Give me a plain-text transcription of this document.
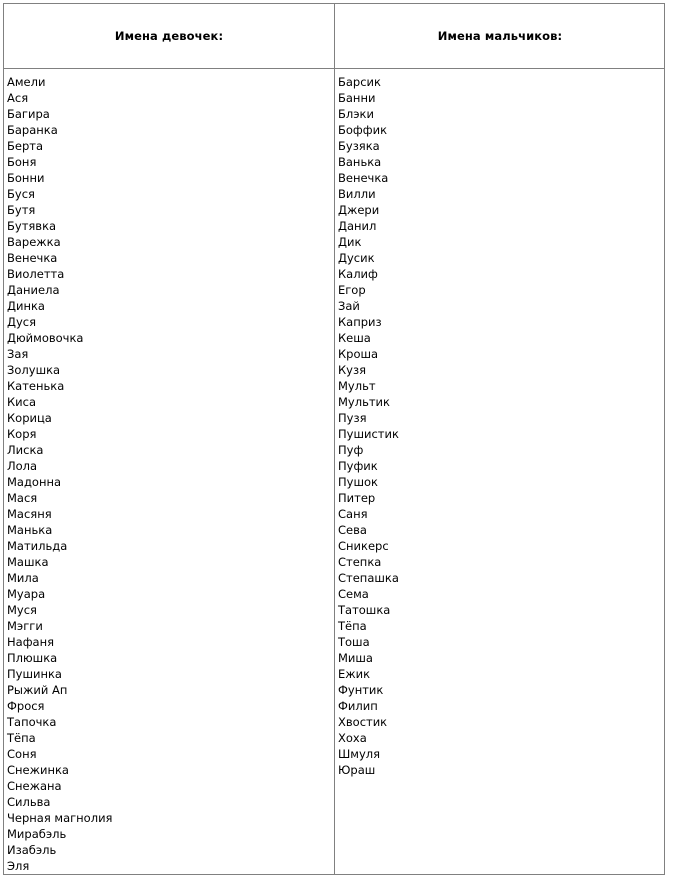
Имена девочек:	Имена мальчиков:
Амели
Ася
Багира
Баранка
Берта
Боня
Бонни
Буся
Бутя
Бутявка
Варежка
Венечка
Виолетта
Даниела
Динка
Дуся
Дюймовочка
Зая
Золушка
Катенька
Киса
Корица
Коря
Лиска
Лола
Мадонна
Мася
Масяня
Манька
Матильда
Машка
Мила
Муара
Муся
Мэгги
Нафаня
Плюшка
Пушинка
Рыжий Ап
Фрося
Тапочка
Тёпа
Соня
Снежинка
Снежана
Сильва
Черная магнолия
Мирабэль
Изабэль
Эля
Барсик
Банни
Блэки
Боффик
Бузяка
Ванька
Венечка
Вилли
Джери
Данил
Дик
Дусик
Калиф
Егор
Зай
Каприз
Кеша
Кроша
Кузя
Мульт
Мультик
Пузя
Пушистик
Пуф
Пуфик
Пушок
Питер
Саня
Сева
Сникерс
Степка
Степашка
Сема
Татошка
Тёпа
Тоша
Миша
Ежик
Фунтик
Филип
Хвостик
Хоха
Шмуля
Юраш
